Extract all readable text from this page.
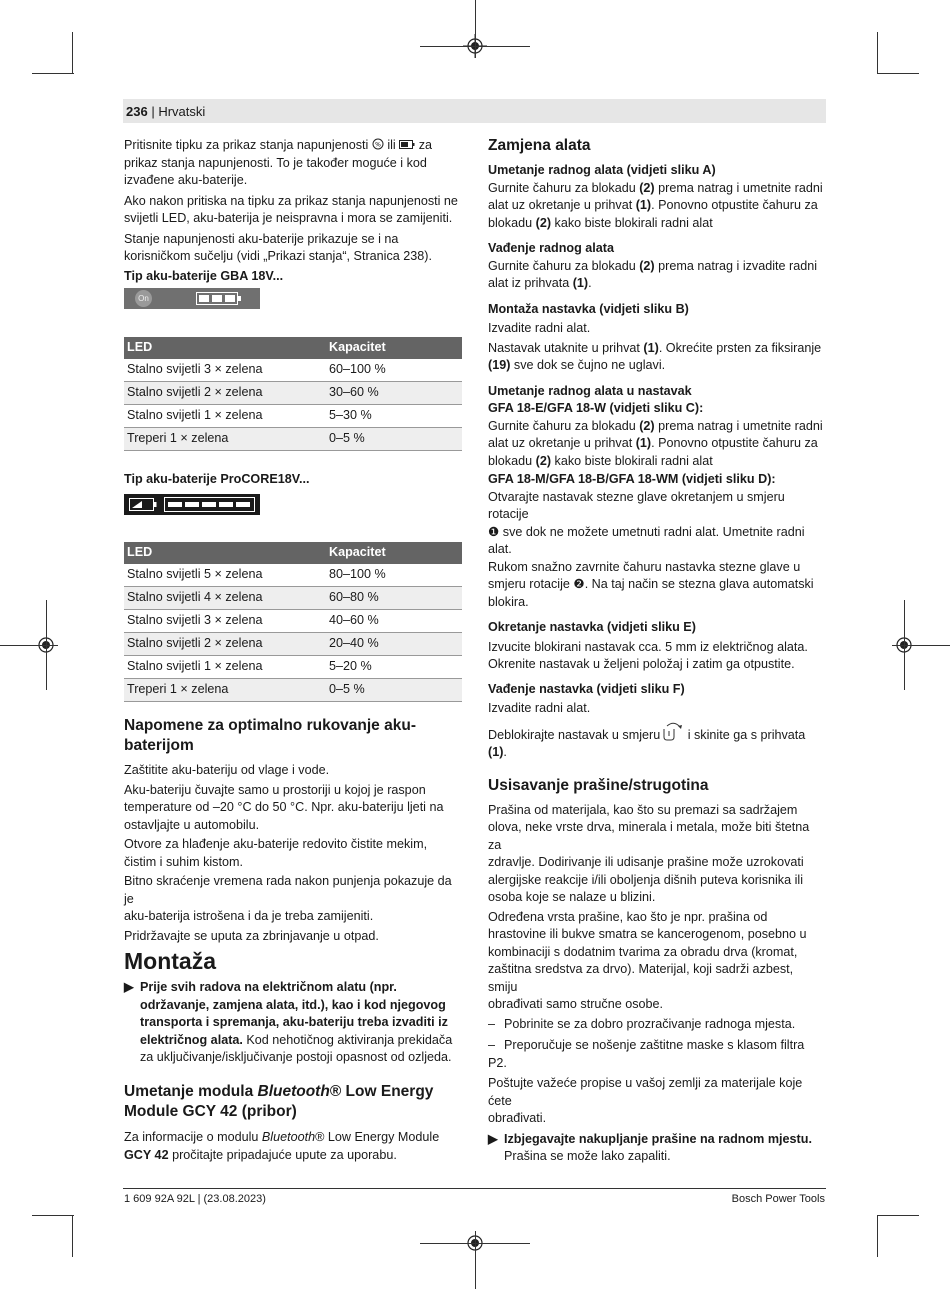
236 | Hrvatski

Pritisnite tipku za prikaz stanja napunjenosti % ili za

prikaz stanja napunjenosti. To je također moguće i kod

izvađene aku-baterije.

Ako nakon pritiska na tipku za prikaz stanja napunjenosti ne

svijetli LED, aku-baterija je neispravna i mora se zamijeniti.

Stanje napunjenosti aku-baterije prikazuje se i na

korisničkom sučelju (vidi „Prikazi stanja“, Stranica 238).

Tip aku-baterije GBA 18V...

On
LED	Kapacitet
Stalno svijetli 3 × zelena	60–100 %
Stalno svijetli 2 × zelena	30–60 %
Stalno svijetli 1 × zelena	5–30 %
Treperi 1 × zelena	0–5 %
Tip aku-baterije ProCORE18V...
LED	Kapacitet
Stalno svijetli 5 × zelena	80–100 %
Stalno svijetli 4 × zelena	60–80 %
Stalno svijetli 3 × zelena	40–60 %
Stalno svijetli 2 × zelena	20–40 %
Stalno svijetli 1 × zelena	5–20 %
Treperi 1 × zelena	0–5 %

Napomene za optimalno rukovanje aku-

baterijom

Zaštitite aku-bateriju od vlage i vode.

Aku-bateriju čuvajte samo u prostoriji u kojoj je raspon

temperature od –20 °C do 50 °C. Npr. aku-bateriju ljeti na

ostavljajte u automobilu.

Otvore za hlađenje aku-baterije redovito čistite mekim,

čistim i suhim kistom.

Bitno skraćenje vremena rada nakon punjenja pokazuje da je

aku-baterija istrošena i da je treba zamijeniti.

Pridržavajte se uputa za zbrinjavanje u otpad.

Montaža

▶ Prije svih radova na električnom alatu (npr.

održavanje, zamjena alata, itd.), kao i kod njegovog

transporta i spremanja, aku-bateriju treba izvaditi iz

električnog alata. Kod nehotičnog aktiviranja prekidača

za uključivanje/isključivanje postoji opasnost od ozljeda.

Umetanje modula Bluetooth® Low Energy

Module GCY 42 (pribor)

Za informacije o modulu Bluetooth® Low Energy Module

GCY 42 pročitajte pripadajuće upute za uporabu.

Zamjena alata

Umetanje radnog alata (vidjeti sliku A)

Gurnite čahuru za blokadu (2) prema natrag i umetnite radni

alat uz okretanje u prihvat (1). Ponovno otpustite čahuru za

blokadu (2) kako biste blokirali radni alat

Vađenje radnog alata

Gurnite čahuru za blokadu (2) prema natrag i izvadite radni

alat iz prihvata (1).

Montaža nastavka (vidjeti sliku B)

Izvadite radni alat.

Nastavak utaknite u prihvat (1). Okrećite prsten za fiksiranje

(19) sve dok se čujno ne uglavi.

Umetanje radnog alata u nastavak

GFA 18-E/GFA 18-W (vidjeti sliku C):

Gurnite čahuru za blokadu (2) prema natrag i umetnite radni

alat uz okretanje u prihvat (1). Ponovno otpustite čahuru za

blokadu (2) kako biste blokirali radni alat

GFA 18-M/GFA 18-B/GFA 18-WM (vidjeti sliku D):

Otvarajte nastavak stezne glave okretanjem u smjeru rotacije

❶ sve dok ne možete umetnuti radni alat. Umetnite radni

alat.

Rukom snažno zavrnite čahuru nastavka stezne glave u

smjeru rotacije ❷. Na taj način se stezna glava automatski

blokira.

Okretanje nastavka (vidjeti sliku E)

Izvucite blokirani nastavak cca. 5 mm iz električnog alata.

Okrenite nastavak u željeni položaj i zatim ga otpustite.

Vađenje nastavka (vidjeti sliku F)

Izvadite radni alat.

Deblokirajte nastavak u smjeru i skinite ga s prihvata

(1).

Usisavanje prašine/strugotina

Prašina od materijala, kao što su premazi sa sadržajem

olova, neke vrste drva, minerala i metala, može biti štetna za

zdravlje. Dodirivanje ili udisanje prašine može uzrokovati

alergijske reakcije i/ili oboljenja dišnih puteva korisnika ili

osoba koje se nalaze u blizini.

Određena vrsta prašine, kao što je npr. prašina od

hrastovine ili bukve smatra se kancerogenom, posebno u

kombinaciji s dodatnim tvarima za obradu drva (kromat,

zaštitna sredstva za drvo). Materijal, koji sadrži azbest, smiju

obrađivati samo stručne osobe.

– Pobrinite se za dobro prozračivanje radnoga mjesta.

– Preporučuje se nošenje zaštitne maske s klasom filtra P2.

Poštujte važeće propise u vašoj zemlji za materijale koje ćete

obrađivati.

▶ Izbjegavajte nakupljanje prašine na radnom mjestu.

Prašina se može lako zapaliti.

1 609 92A 92L | (23.08.2023)	Bosch Power Tools
